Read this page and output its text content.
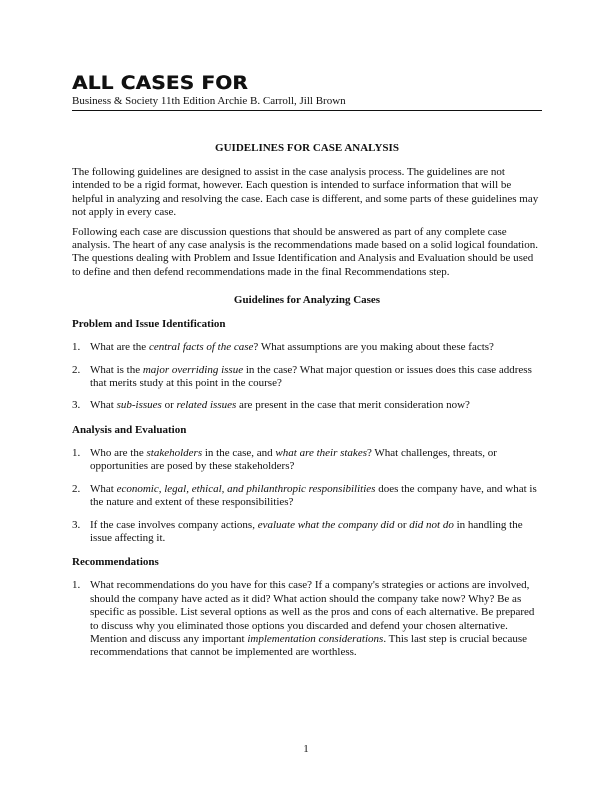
ALL CASES FOR
Business & Society 11th Edition Archie B. Carroll, Jill Brown
GUIDELINES FOR CASE ANALYSIS

The following guidelines are designed to assist in the case analysis process. The guidelines are not intended to be a rigid format, however. Each question is intended to surface information that will be helpful in analyzing and resolving the case. Each case is different, and some parts of these guidelines may not apply in every case.

Following each case are discussion questions that should be answered as part of any complete case analysis. The heart of any case analysis is the recommendations made based on a solid logical foundation. The questions dealing with Problem and Issue Identification and Analysis and Evaluation should be used to define and then defend recommendations made in the final Recommendations step.

Guidelines for Analyzing Cases
Problem and Issue Identification
1. What are the central facts of the case? What assumptions are you making about these facts?
2. What is the major overriding issue in the case? What major question or issues does this case address that merits study at this point in the course?
3. What sub-issues or related issues are present in the case that merit consideration now?
Analysis and Evaluation
1. Who are the stakeholders in the case, and what are their stakes? What challenges, threats, or opportunities are posed by these stakeholders?
2. What economic, legal, ethical, and philanthropic responsibilities does the company have, and what is the nature and extent of these responsibilities?
3. If the case involves company actions, evaluate what the company did or did not do in handling the issue affecting it.
Recommendations
1. What recommendations do you have for this case? If a company's strategies or actions are involved, should the company have acted as it did? What action should the company take now? Why? Be as specific as possible. List several options as well as the pros and cons of each alternative. Be prepared to discuss why you eliminated those options you discarded and defend your chosen alternative. Mention and discuss any important implementation considerations. This last step is crucial because recommendations that cannot be implemented are worthless.
1
